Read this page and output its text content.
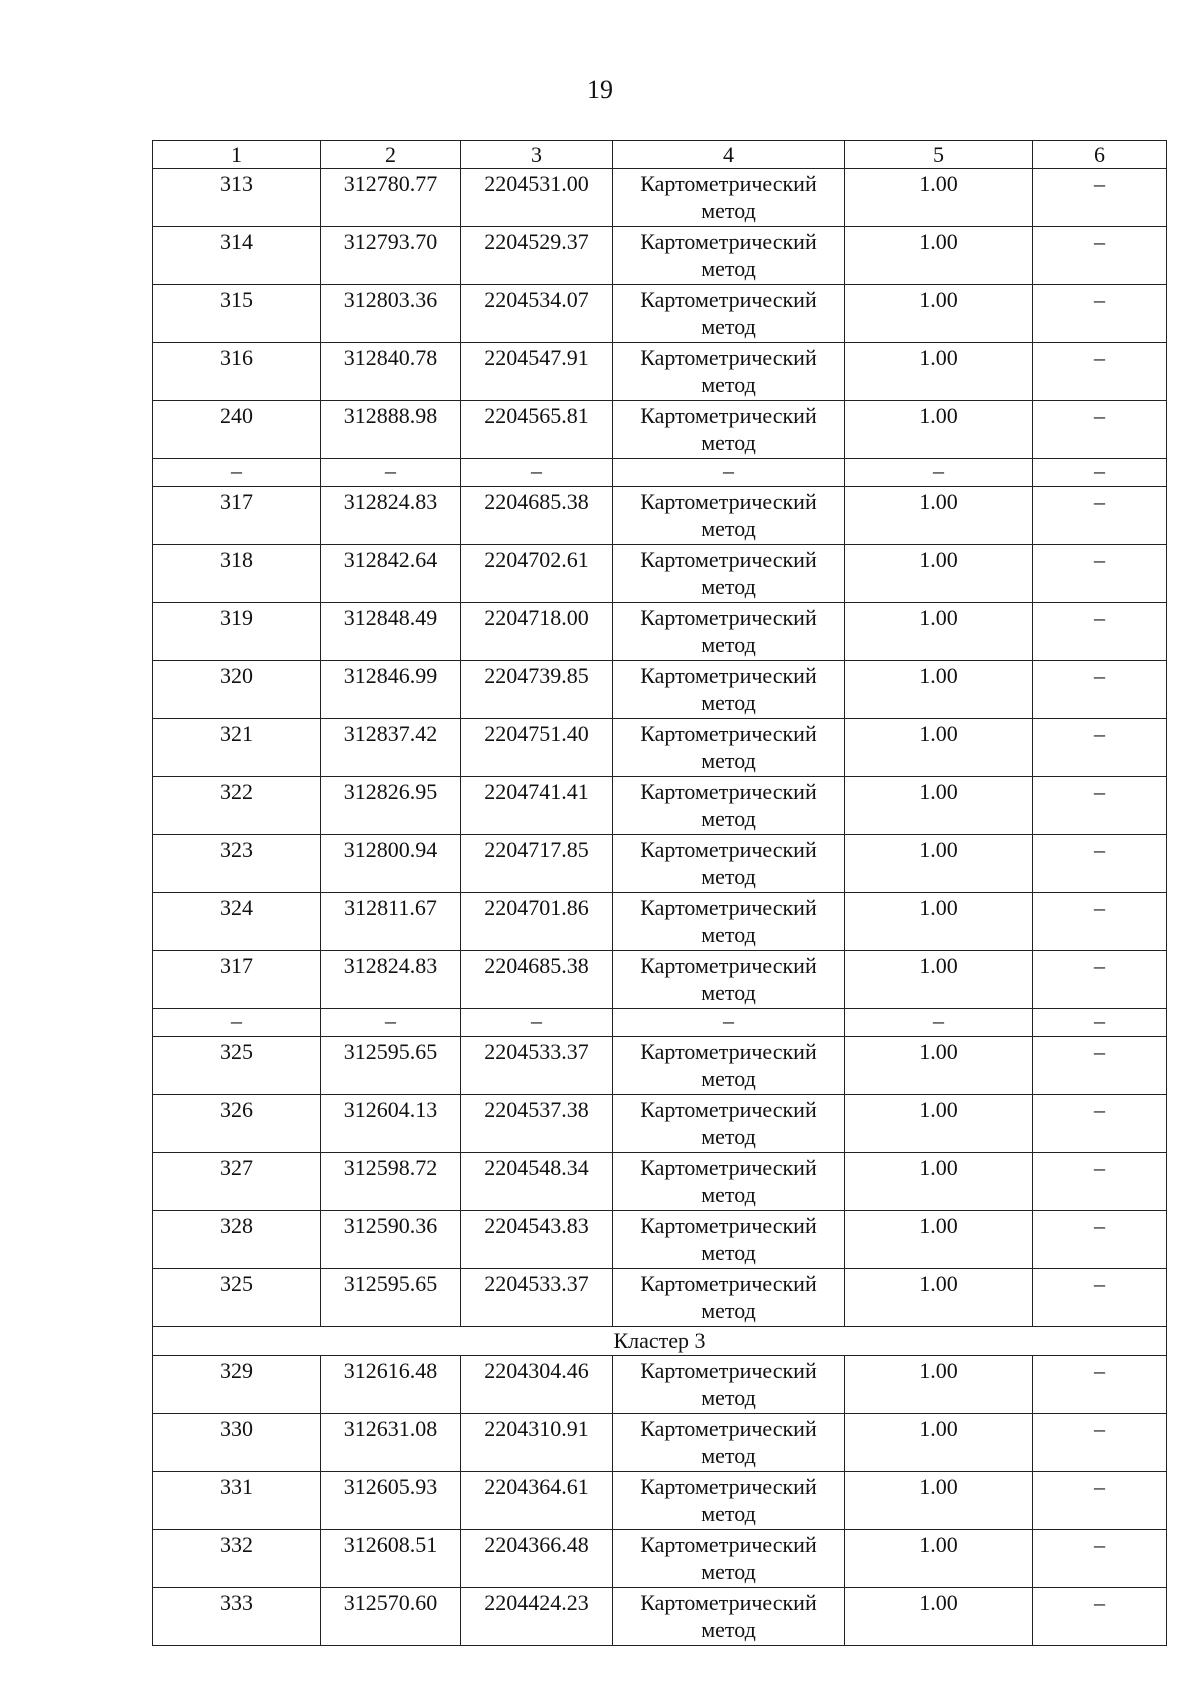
19
1	2	3	4	5	6
313	312780.77	2204531.00	Картометрический метод	1.00	–
314	312793.70	2204529.37	Картометрический метод	1.00	–
315	312803.36	2204534.07	Картометрический метод	1.00	–
316	312840.78	2204547.91	Картометрический метод	1.00	–
240	312888.98	2204565.81	Картометрический метод	1.00	–
–	–	–	–	–	–
317	312824.83	2204685.38	Картометрический метод	1.00	–
318	312842.64	2204702.61	Картометрический метод	1.00	–
319	312848.49	2204718.00	Картометрический метод	1.00	–
320	312846.99	2204739.85	Картометрический метод	1.00	–
321	312837.42	2204751.40	Картометрический метод	1.00	–
322	312826.95	2204741.41	Картометрический метод	1.00	–
323	312800.94	2204717.85	Картометрический метод	1.00	–
324	312811.67	2204701.86	Картометрический метод	1.00	–
317	312824.83	2204685.38	Картометрический метод	1.00	–
–	–	–	–	–	–
325	312595.65	2204533.37	Картометрический метод	1.00	–
326	312604.13	2204537.38	Картометрический метод	1.00	–
327	312598.72	2204548.34	Картометрический метод	1.00	–
328	312590.36	2204543.83	Картометрический метод	1.00	–
325	312595.65	2204533.37	Картометрический метод	1.00	–
Кластер 3					
329	312616.48	2204304.46	Картометрический метод	1.00	–
330	312631.08	2204310.91	Картометрический метод	1.00	–
331	312605.93	2204364.61	Картометрический метод	1.00	–
332	312608.51	2204366.48	Картометрический метод	1.00	–
333	312570.60	2204424.23	Картометрический метод	1.00	–
